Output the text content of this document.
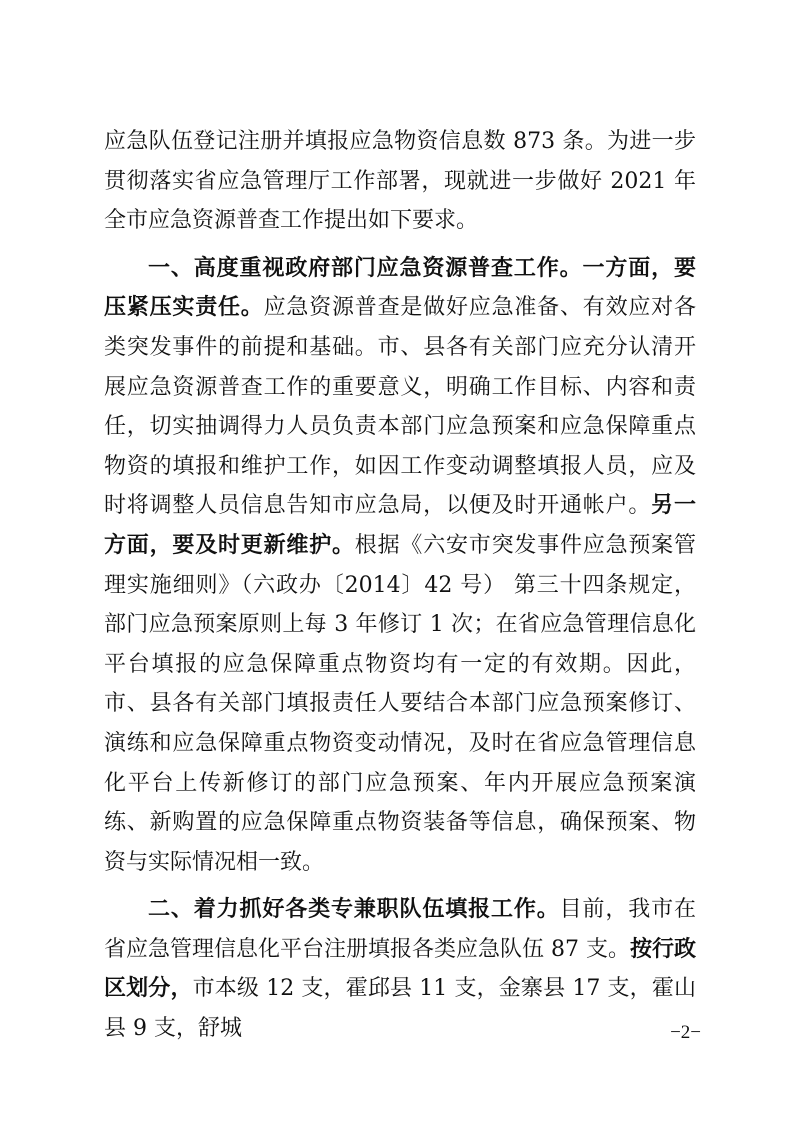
应急队伍登记注册并填报应急物资信息数 873 条。为进一步贯彻落实省应急管理厅工作部署，现就进一步做好 2021 年全市应急资源普查工作提出如下要求。

一、高度重视政府部门应急资源普查工作。一方面，要压紧压实责任。应急资源普查是做好应急准备、有效应对各类突发事件的前提和基础。市、县各有关部门应充分认清开展应急资源普查工作的重要意义，明确工作目标、内容和责任，切实抽调得力人员负责本部门应急预案和应急保障重点物资的填报和维护工作，如因工作变动调整填报人员，应及时将调整人员信息告知市应急局，以便及时开通帐户。另一方面，要及时更新维护。根据《六安市突发事件应急预案管理实施细则》（六政办〔2014〕42 号） 第三十四条规定，部门应急预案原则上每 3 年修订 1 次；在省应急管理信息化平台填报的应急保障重点物资均有一定的有效期。因此，市、县各有关部门填报责任人要结合本部门应急预案修订、演练和应急保障重点物资变动情况，及时在省应急管理信息化平台上传新修订的部门应急预案、年内开展应急预案演练、新购置的应急保障重点物资装备等信息，确保预案、物资与实际情况相一致。

二、着力抓好各类专兼职队伍填报工作。目前，我市在省应急管理信息化平台注册填报各类应急队伍 87 支。按行政区划分，市本级 12 支，霍邱县 11 支，金寨县 17 支，霍山县 9 支，舒城	−2−
